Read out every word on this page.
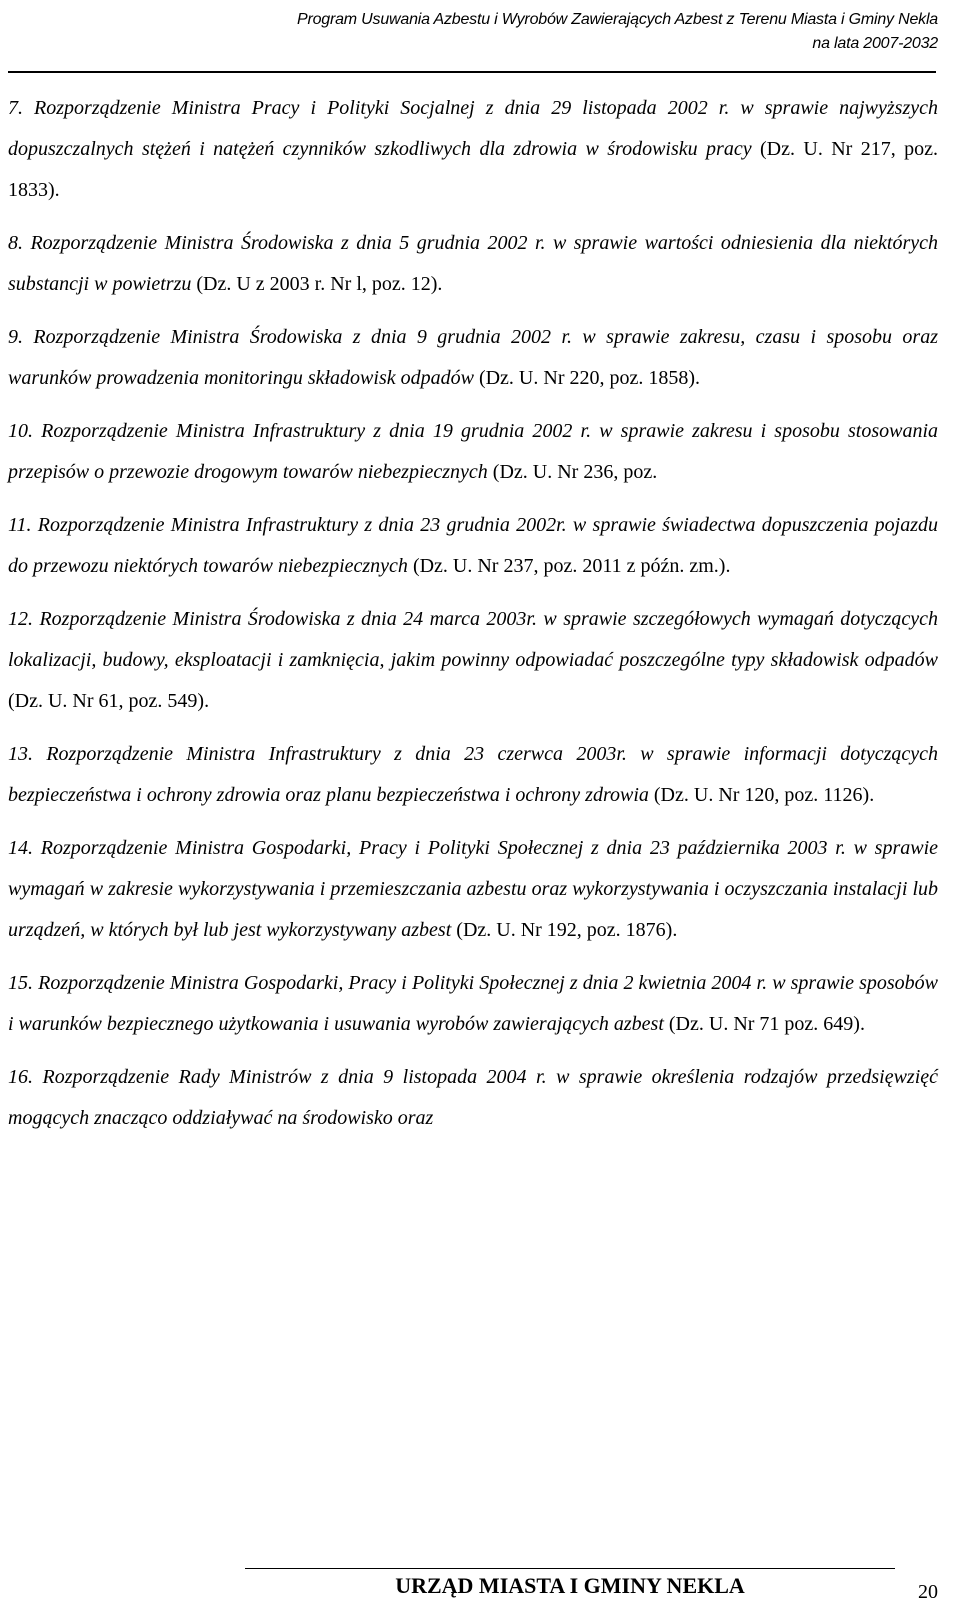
Program Usuwania Azbestu i Wyrobów Zawierających Azbest z Terenu Miasta i Gminy Nekla
na lata 2007-2032

7. Rozporządzenie Ministra Pracy i Polityki Socjalnej z dnia 29 listopada 2002 r. w sprawie najwyższych dopuszczalnych stężeń i natężeń czynników szkodliwych dla zdrowia w środowisku pracy (Dz. U. Nr 217, poz. 1833).

8. Rozporządzenie Ministra Środowiska z dnia 5 grudnia 2002 r. w sprawie wartości odniesienia dla niektórych substancji w powietrzu (Dz. U z 2003 r. Nr l, poz. 12).

9. Rozporządzenie Ministra Środowiska z dnia 9 grudnia 2002 r. w sprawie zakresu, czasu i sposobu oraz warunków prowadzenia monitoringu składowisk odpadów (Dz. U. Nr 220, poz. 1858).

10. Rozporządzenie Ministra Infrastruktury z dnia 19 grudnia 2002 r. w sprawie zakresu i sposobu stosowania przepisów o przewozie drogowym towarów niebezpiecznych (Dz. U. Nr 236, poz.

11. Rozporządzenie Ministra Infrastruktury z dnia 23 grudnia 2002r. w sprawie świadectwa dopuszczenia pojazdu do przewozu niektórych towarów niebezpiecznych (Dz. U. Nr 237, poz. 2011 z późn. zm.).

12. Rozporządzenie Ministra Środowiska z dnia 24 marca 2003r. w sprawie szczegółowych wymagań dotyczących lokalizacji, budowy, eksploatacji i zamknięcia, jakim powinny odpowiadać poszczególne typy składowisk odpadów (Dz. U. Nr 61, poz. 549).

13. Rozporządzenie Ministra Infrastruktury z dnia 23 czerwca 2003r. w sprawie informacji dotyczących bezpieczeństwa i ochrony zdrowia oraz planu bezpieczeństwa i ochrony zdrowia (Dz. U. Nr 120, poz. 1126).

14. Rozporządzenie Ministra Gospodarki, Pracy i Polityki Społecznej z dnia 23 października 2003 r. w sprawie wymagań w zakresie wykorzystywania i przemieszczania azbestu oraz wykorzystywania i oczyszczania instalacji lub urządzeń, w których był lub jest wykorzystywany azbest (Dz. U. Nr 192, poz. 1876).

15. Rozporządzenie Ministra Gospodarki, Pracy i Polityki Społecznej z dnia 2 kwietnia 2004 r. w sprawie sposobów i warunków bezpiecznego użytkowania i usuwania wyrobów zawierających azbest (Dz. U. Nr 71 poz. 649).

16. Rozporządzenie Rady Ministrów z dnia 9 listopada 2004 r. w sprawie określenia rodzajów przedsięwzięć mogących znacząco oddziaływać na środowisko oraz

URZĄD MIASTA I GMINY NEKLA	20
